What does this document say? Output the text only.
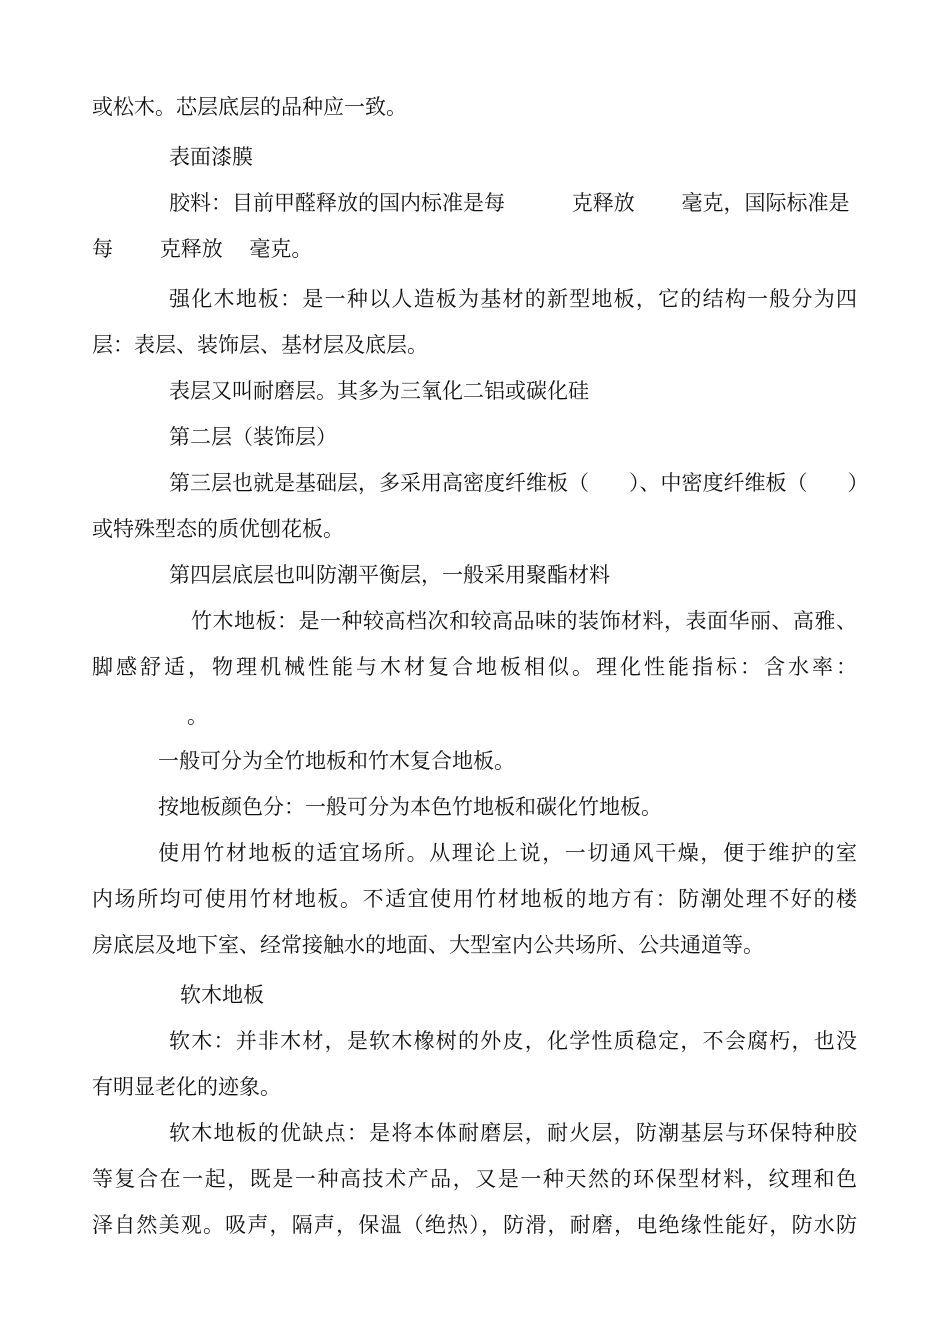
或松木。芯层底层的品种应一致。

表面漆膜

胶料：目前甲醛释放的国内标准是每          克释放       毫克，国际标准是

每       克释放    毫克。

强化木地板：是一种以人造板为基材的新型地板，它的结构一般分为四

层：表层、装饰层、基材层及底层。

表层又叫耐磨层。其多为三氧化二铝或碳化硅

第二层（装饰层）

第三层也就是基础层，多采用高密度纤维板（      ）、中密度纤维板（      ）

或特殊型态的质优刨花板。

第四层底层也叫防潮平衡层，一般采用聚酯材料

竹木地板：是一种较高档次和较高品味的装饰材料，表面华丽、高雅、

脚感舒适，物理机械性能与木材复合地板相似。理化性能指标：含水率：

。

一般可分为全竹地板和竹木复合地板。

按地板颜色分：一般可分为本色竹地板和碳化竹地板。

使用竹材地板的适宜场所。从理论上说，一切通风干燥，便于维护的室

内场所均可使用竹材地板。不适宜使用竹材地板的地方有：防潮处理不好的楼

房底层及地下室、经常接触水的地面、大型室内公共场所、公共通道等。

软木地板

软木：并非木材，是软木橡树的外皮，化学性质稳定，不会腐朽，也没

有明显老化的迹象。

软木地板的优缺点：是将本体耐磨层，耐火层，防潮基层与环保特种胶

等复合在一起，既是一种高技术产品，又是一种天然的环保型材料，纹理和色

泽自然美观。吸声，隔声，保温（绝热），防滑，耐磨，电绝缘性能好，防水防
